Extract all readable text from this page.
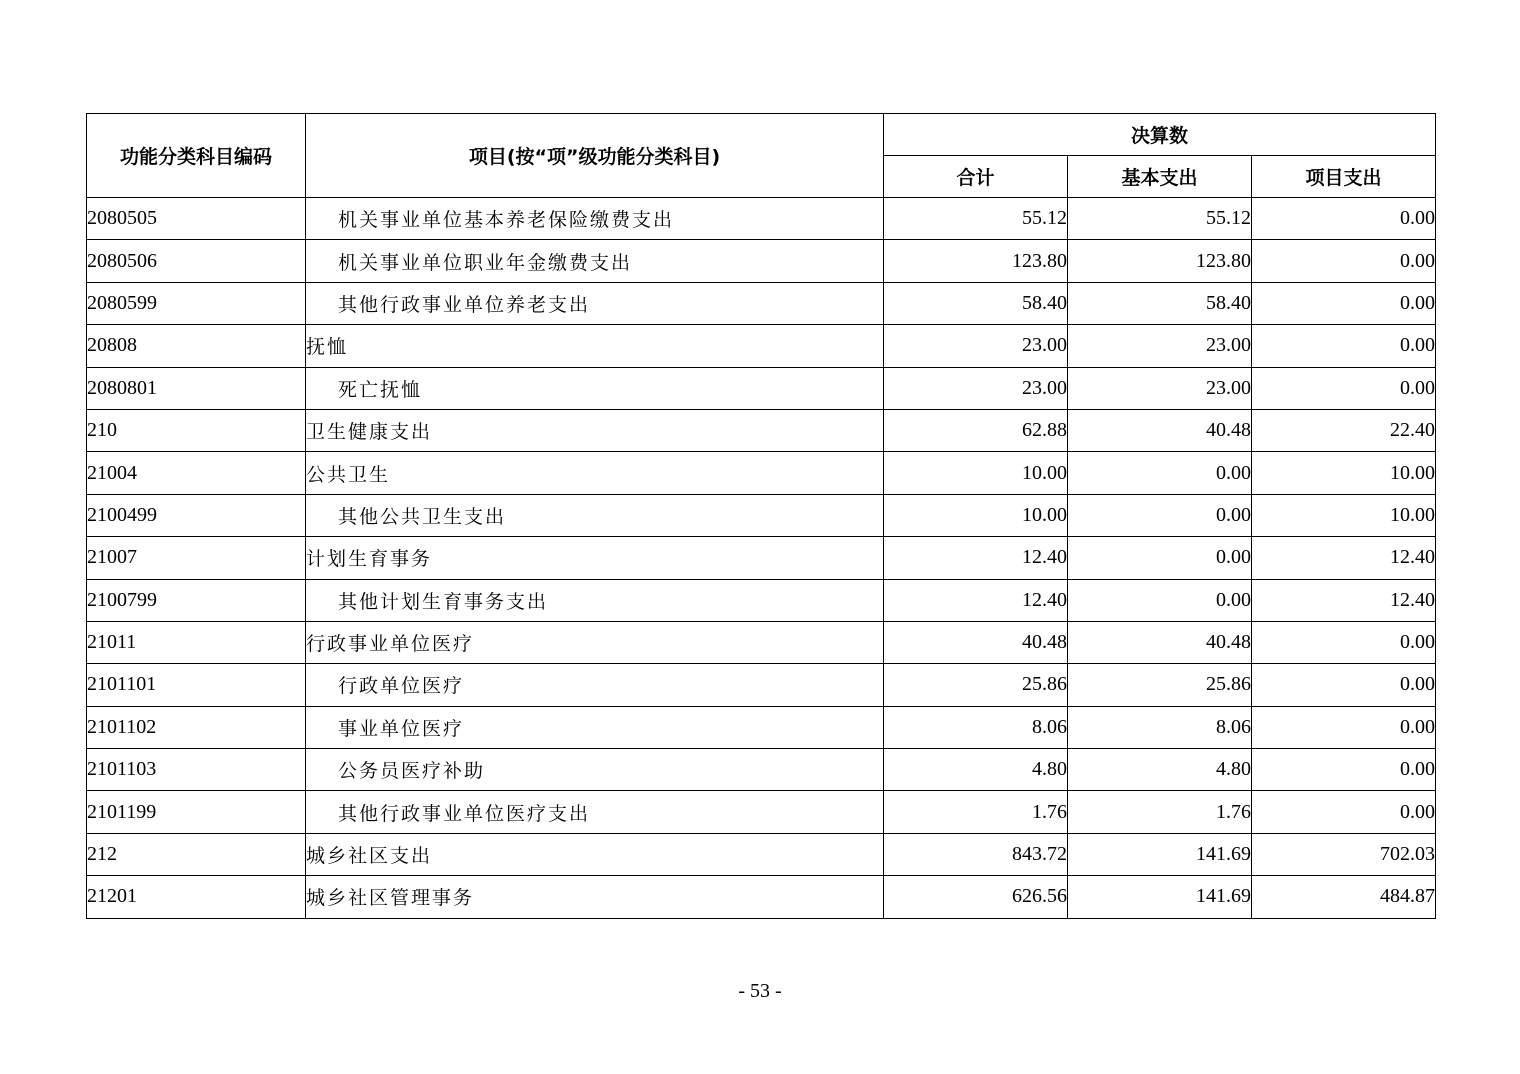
功能分类科目编码	项目(按“项”级功能分类科目)	决算数		
		合计	基本支出	项目支出
2080505	机关事业单位基本养老保险缴费支出	55.12	55.12	0.00
2080506	机关事业单位职业年金缴费支出	123.80	123.80	0.00
2080599	其他行政事业单位养老支出	58.40	58.40	0.00
20808	抚恤	23.00	23.00	0.00
2080801	死亡抚恤	23.00	23.00	0.00
210	卫生健康支出	62.88	40.48	22.40
21004	公共卫生	10.00	0.00	10.00
2100499	其他公共卫生支出	10.00	0.00	10.00
21007	计划生育事务	12.40	0.00	12.40
2100799	其他计划生育事务支出	12.40	0.00	12.40
21011	行政事业单位医疗	40.48	40.48	0.00
2101101	行政单位医疗	25.86	25.86	0.00
2101102	事业单位医疗	8.06	8.06	0.00
2101103	公务员医疗补助	4.80	4.80	0.00
2101199	其他行政事业单位医疗支出	1.76	1.76	0.00
212	城乡社区支出	843.72	141.69	702.03
21201	城乡社区管理事务	626.56	141.69	484.87
- 53 -
